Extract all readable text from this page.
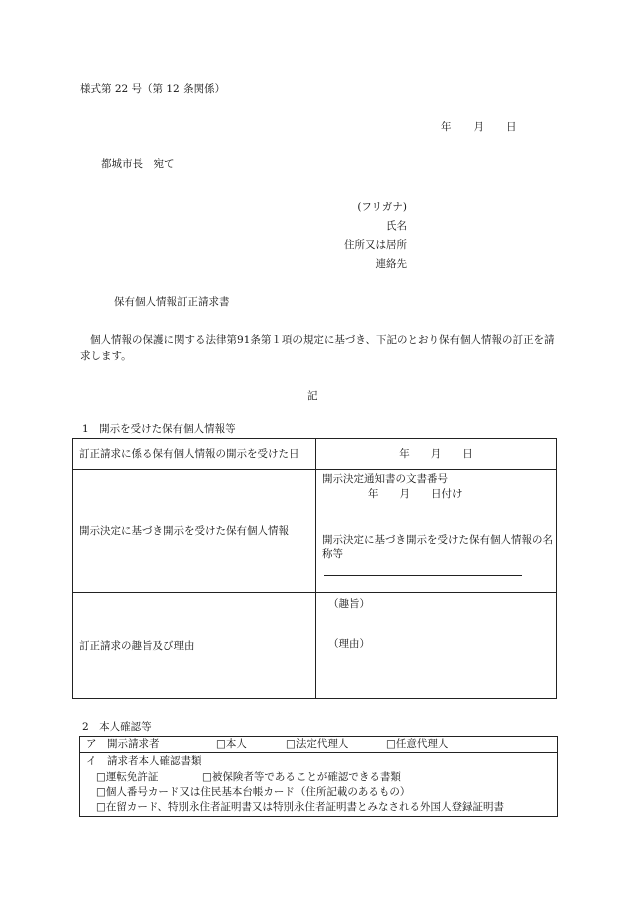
様式第 22 号（第 12 条関係）
年 月 日
都城市長　宛て
(フリガナ)
氏名
住所又は居所
連絡先
保有個人情報訂正請求書
個人情報の保護に関する法律第91条第１項の規定に基づき、下記のとおり保有個人情報の訂正を請求します。
記
1　開示を受けた保有個人情報等
訂正請求に係る保有個人情報の開示を受けた日	年　　月　　日
開示決定に基づき開示を受けた保有個人情報	開示決定通知書の文書番号
年　　月　　日付け
開示決定に基づき開示を受けた保有個人情報の名称等

訂正請求の趣旨及び理由	（趣旨）
（理由）
2　本人確認等
ア　開示請求者	□本人	□法定代理人	□任意代理人
イ　請求者本人確認書類
□運転免許証	□被保険者等であることが確認できる書類
□個人番号カード又は住民基本台帳カード（住所記載のあるもの）
□在留カード、特別永住者証明書又は特別永住者証明書とみなされる外国人登録証明書
